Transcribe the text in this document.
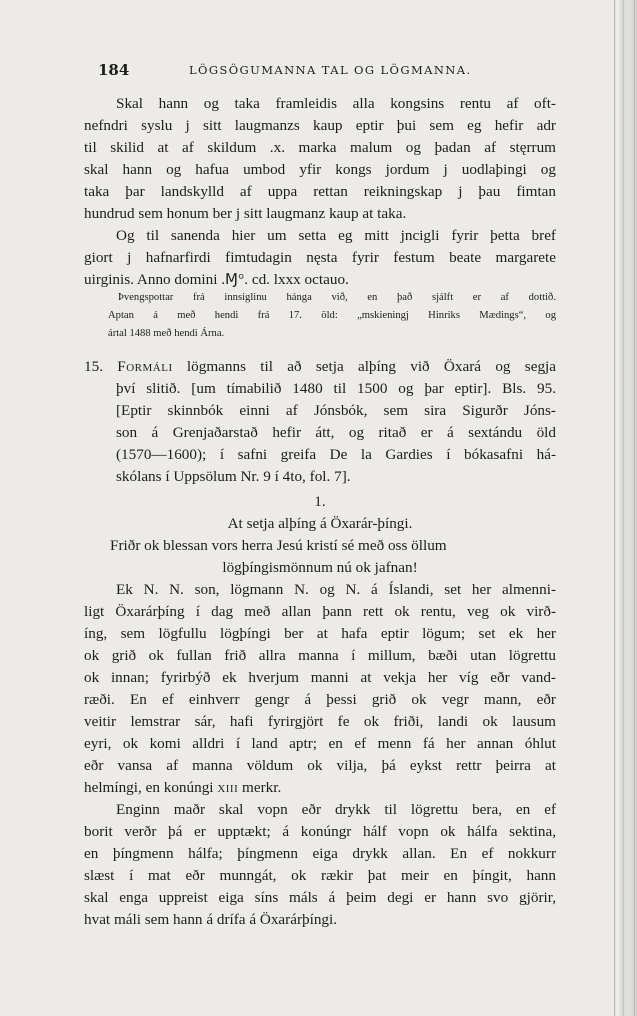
184	LÖGSÖGUMANNA TAL OG LÖGMANNA.
Skal hann og taka framleidis alla kongsins rentu af oft-
nefndri syslu j sitt laugmanzs kaup eptir þui sem eg hefir adr
til skilid at af skildum .x. marka malum og þadan af stęrrum
skal hann og hafua umbod yfir kongs jordum j uodlaþingi og
taka þar landskylld af uppa rettan reikningskap j þau fimtan
hundrud sem honum ber j sitt laugmanz kaup at taka.
Og til sanenda hier um setta eg mitt jncigli fyrir þetta bref
giort j hafnarfirdi fimtudagin nęsta fyrir festum beate margarete
uirginis. Anno domini .Ɱ°. cd. lxxx octauo.
Þvengspottar frá innsiglinu hánga við, en það sjálft er af dottið.
Aptan á með hendi frá 17. öld: „mskieningj Hinriks Mædings“, og
ártal 1488 með hendi Árna.
15. Formáli lögmanns til að setja alþíng við Öxará og segja
því slitið. [um tímabilið 1480 til 1500 og þar eptir]. Bls. 95.
[Eptir skinnbók einni af Jónsbók, sem sira Sigurðr Jóns-
son á Grenjaðarstað hefir átt, og ritað er á sextándu öld
(1570—1600); í safni greifa De la Gardies í bókasafni há-
skólans í Uppsölum Nr. 9 í 4to, fol. 7].
1.
At setja alþíng á Öxarár-þíngi.
Friðr ok blessan vors herra Jesú kristí sé með oss öllum
lögþíngismönnum nú ok jafnan!
Ek N. N. son, lögmann N. og N. á Íslandi, set her almenni-
ligt Öxarárþíng í dag með allan þann rett ok rentu, veg ok virð-
íng, sem lögfullu lögþíngi ber at hafa eptir lögum; set ek her
ok grið ok fullan frið allra manna í millum, bæði utan lögrettu
ok innan; fyrirbýð ek hverjum manni at vekja her víg eðr vand-
ræði. En ef einhverr gengr á þessi grið ok vegr mann, eðr
veitir lemstrar sár, hafi fyrirgjört fe ok friði, landi ok lausum
eyri, ok komi alldri í land aptr; en ef menn fá her annan óhlut
eðr vansa af manna völdum ok vilja, þá eykst rettr þeirra at
helmíngi, en konúngi xiii merkr.
Enginn maðr skal vopn eðr drykk til lögrettu bera, en ef
borit verðr þá er upptækt; á konúngr hálf vopn ok hálfa sektina,
en þíngmenn hálfa; þíngmenn eiga drykk allan. En ef nokkurr
slæst í mat eðr munngát, ok rækir þat meir en þíngit, hann
skal enga uppreist eiga síns máls á þeim degi er hann svo gjörir,
hvat máli sem hann á drífa á Öxarárþíngi.
